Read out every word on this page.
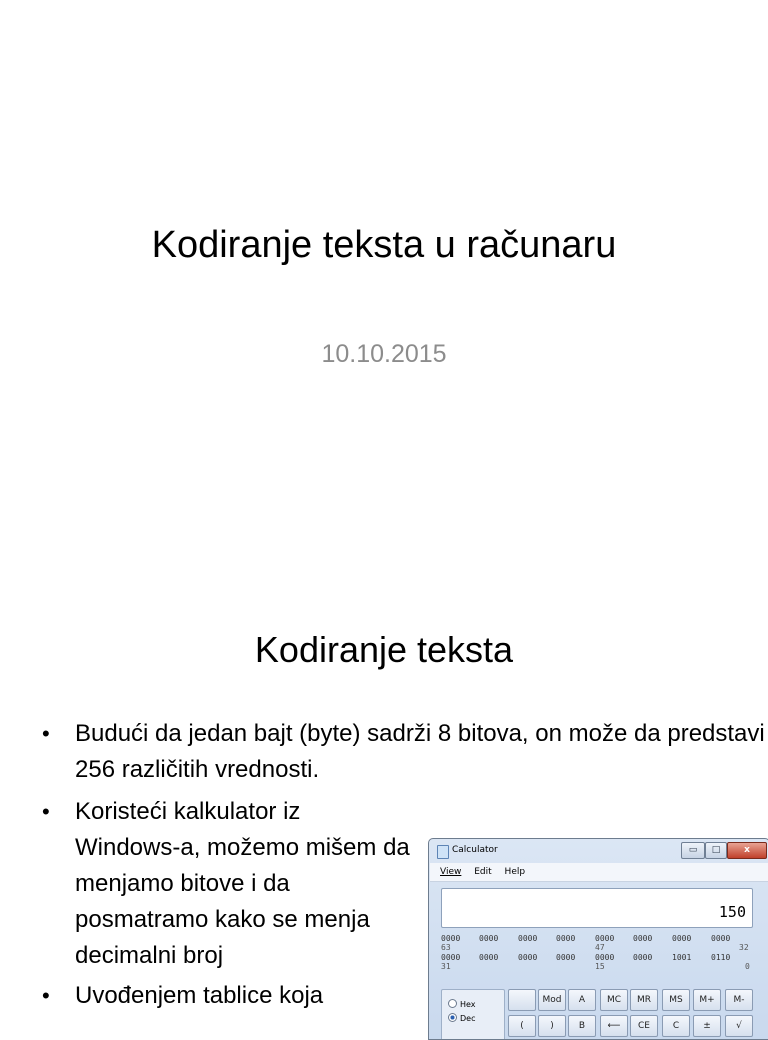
Kodiranje teksta u računaru
10.10.2015
Kodiranje teksta
• Budući da jedan bajt (byte) sadrži 8 bitova, on može da predstavi 256 različitih vrednosti.
• Koristeći kalkulator iz Windows-a, možemo mišem da menjamo bitove i da posmatramo kako se menja decimalni broj
• Uvođenjem tablice koja
Calculator	▭	□	x
View Edit Help
150
0000 0000 0000 0000 0000 0000 0000 0000
63	47	32
0000 0000 0000 0000 0000 0000 1001 0110
31	15	0
Hex
Dec
Mod	A	MC	MR	MS	M+	M-
(	)	B	⟵	CE	C	±	√
